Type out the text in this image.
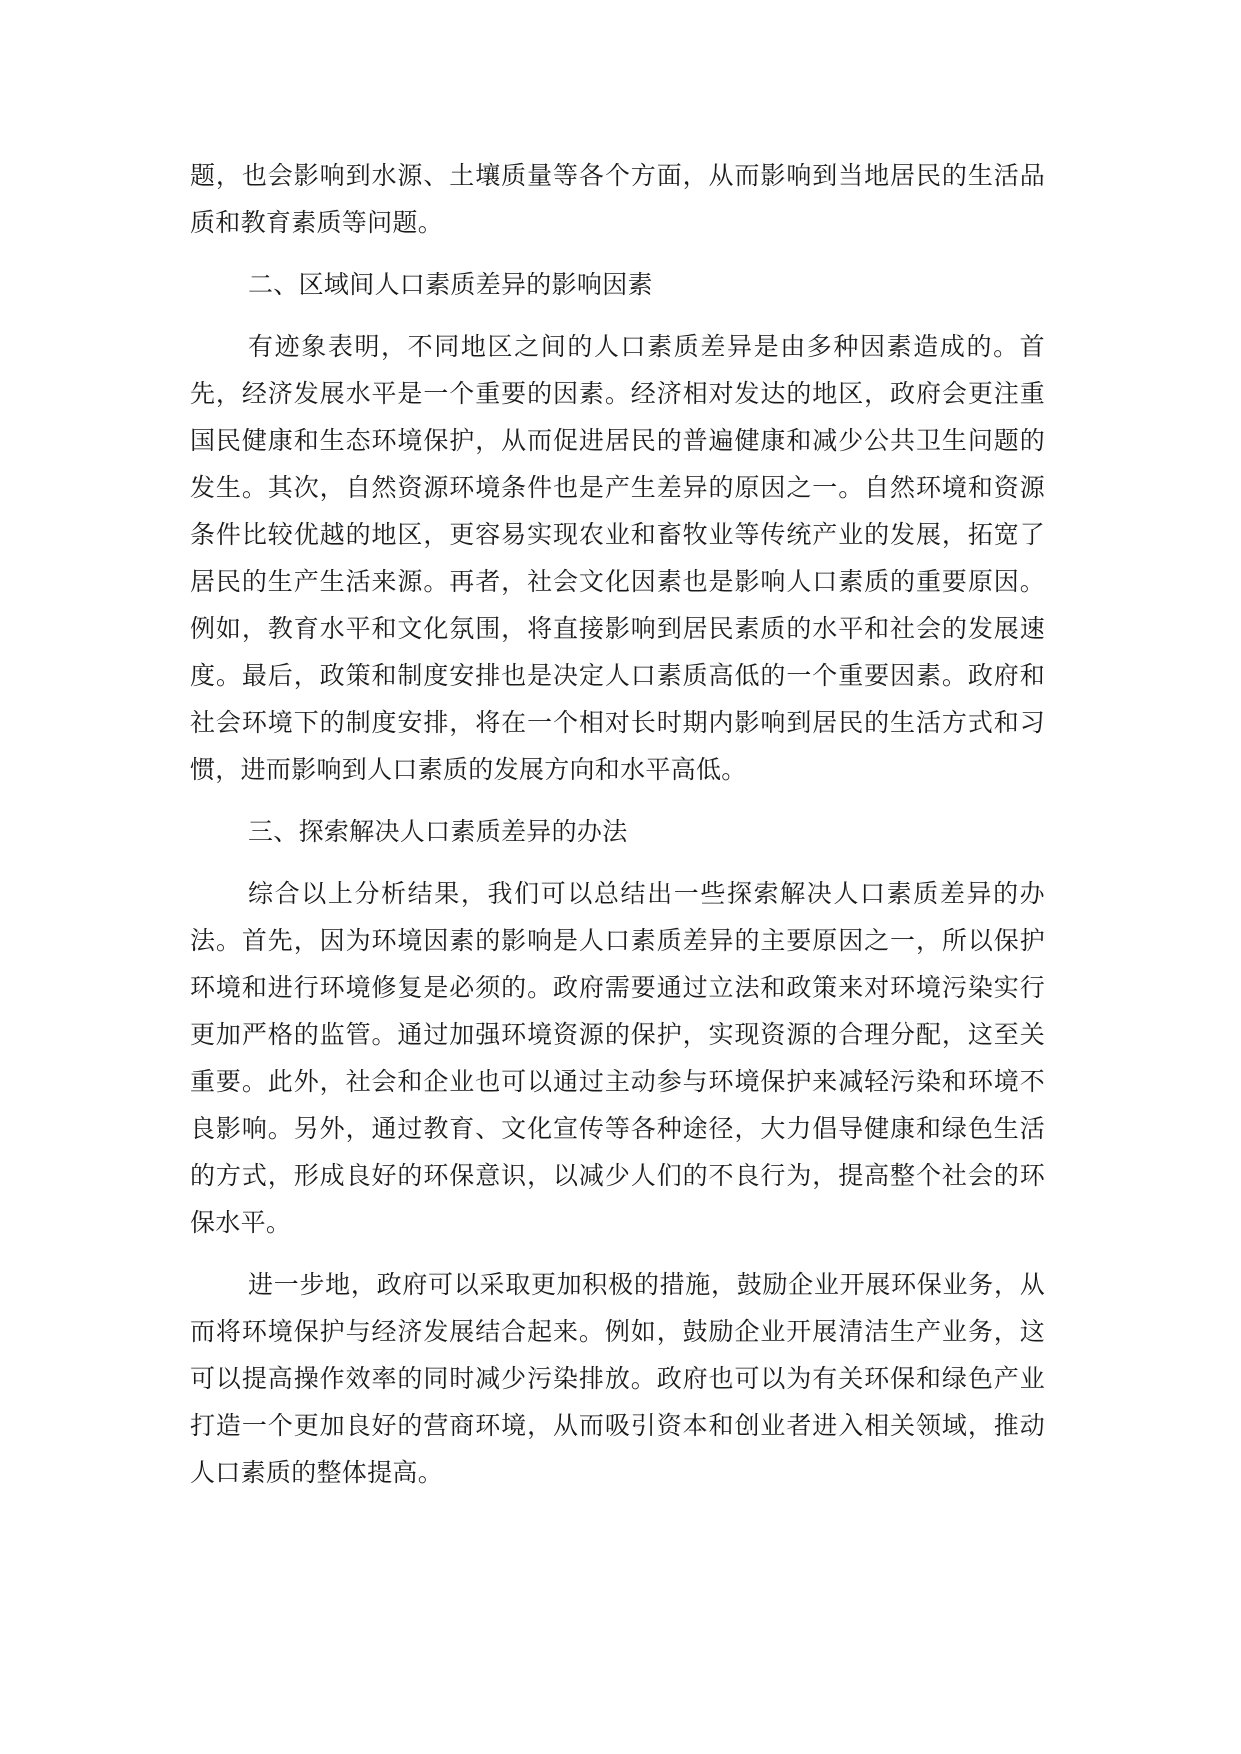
题，也会影响到水源、土壤质量等各个方面，从而影响到当地居民的生活品质和教育素质等问题。

二、区域间人口素质差异的影响因素

有迹象表明，不同地区之间的人口素质差异是由多种因素造成的。首先，经济发展水平是一个重要的因素。经济相对发达的地区，政府会更注重国民健康和生态环境保护，从而促进居民的普遍健康和减少公共卫生问题的发生。其次，自然资源环境条件也是产生差异的原因之一。自然环境和资源条件比较优越的地区，更容易实现农业和畜牧业等传统产业的发展，拓宽了居民的生产生活来源。再者，社会文化因素也是影响人口素质的重要原因。例如，教育水平和文化氛围，将直接影响到居民素质的水平和社会的发展速度。最后，政策和制度安排也是决定人口素质高低的一个重要因素。政府和社会环境下的制度安排，将在一个相对长时期内影响到居民的生活方式和习惯，进而影响到人口素质的发展方向和水平高低。

三、探索解决人口素质差异的办法

综合以上分析结果，我们可以总结出一些探索解决人口素质差异的办法。首先，因为环境因素的影响是人口素质差异的主要原因之一，所以保护环境和进行环境修复是必须的。政府需要通过立法和政策来对环境污染实行更加严格的监管。通过加强环境资源的保护，实现资源的合理分配，这至关重要。此外，社会和企业也可以通过主动参与环境保护来减轻污染和环境不良影响。另外，通过教育、文化宣传等各种途径，大力倡导健康和绿色生活的方式，形成良好的环保意识，以减少人们的不良行为，提高整个社会的环保水平。

进一步地，政府可以采取更加积极的措施，鼓励企业开展环保业务，从而将环境保护与经济发展结合起来。例如，鼓励企业开展清洁生产业务，这可以提高操作效率的同时减少污染排放。政府也可以为有关环保和绿色产业打造一个更加良好的营商环境，从而吸引资本和创业者进入相关领域，推动人口素质的整体提高。
